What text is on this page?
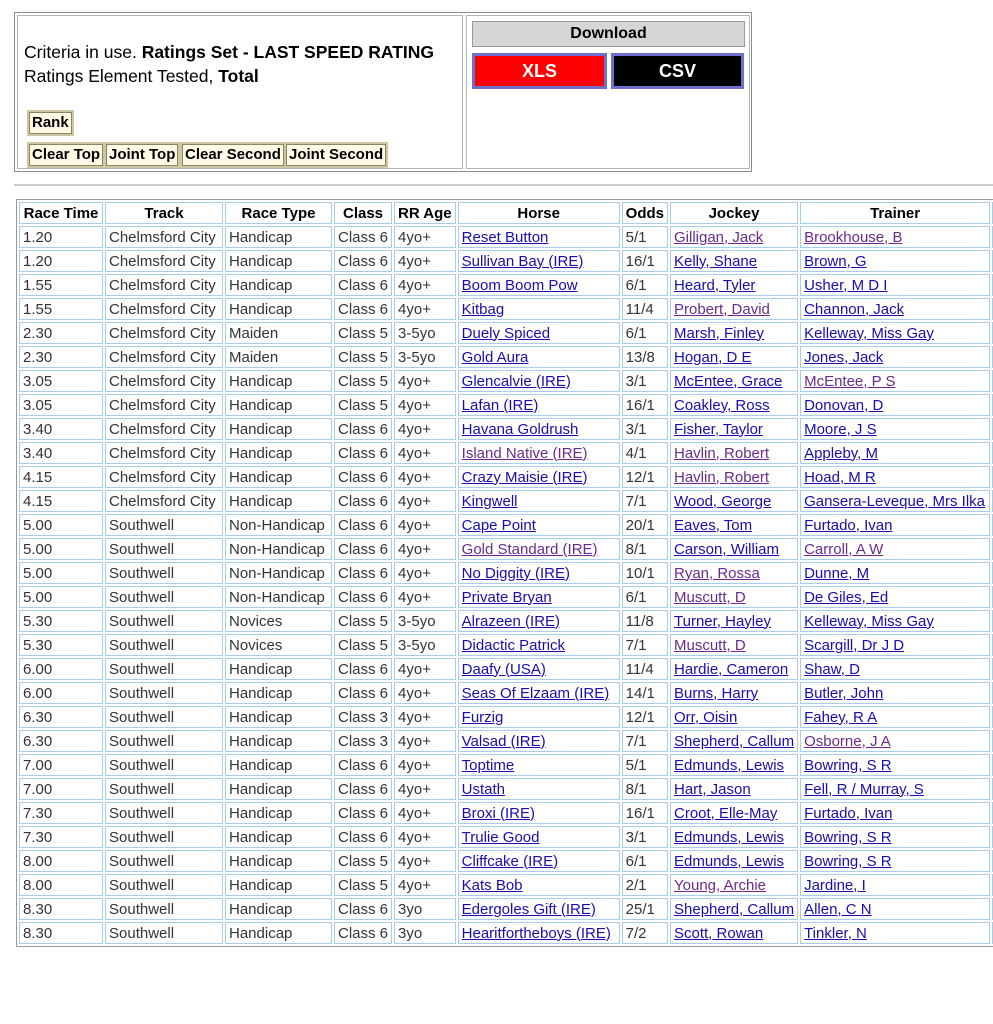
Criteria in use. Ratings Set - LAST SPEED RATING
Ratings Element Tested, Total
Rank
Clear Top Joint Top Clear Second Joint Second
Download
XLS	CSV
Race Time	Track	Race Type	Class	RR Age	Horse	Odds	Jockey	Trainer	
1.20	Chelmsford City	Handicap	Class 6	4yo+	Reset Button	5/1	Gilligan, Jack	Brookhouse, B	
1.20	Chelmsford City	Handicap	Class 6	4yo+	Sullivan Bay (IRE)	16/1	Kelly, Shane	Brown, G	
1.55	Chelmsford City	Handicap	Class 6	4yo+	Boom Boom Pow	6/1	Heard, Tyler	Usher, M D I	
1.55	Chelmsford City	Handicap	Class 6	4yo+	Kitbag	11/4	Probert, David	Channon, Jack	
2.30	Chelmsford City	Maiden	Class 5	3-5yo	Duely Spiced	6/1	Marsh, Finley	Kelleway, Miss Gay	
2.30	Chelmsford City	Maiden	Class 5	3-5yo	Gold Aura	13/8	Hogan, D E	Jones, Jack	
3.05	Chelmsford City	Handicap	Class 5	4yo+	Glencalvie (IRE)	3/1	McEntee, Grace	McEntee, P S	
3.05	Chelmsford City	Handicap	Class 5	4yo+	Lafan (IRE)	16/1	Coakley, Ross	Donovan, D	
3.40	Chelmsford City	Handicap	Class 6	4yo+	Havana Goldrush	3/1	Fisher, Taylor	Moore, J S	
3.40	Chelmsford City	Handicap	Class 6	4yo+	Island Native (IRE)	4/1	Havlin, Robert	Appleby, M	
4.15	Chelmsford City	Handicap	Class 6	4yo+	Crazy Maisie (IRE)	12/1	Havlin, Robert	Hoad, M R	
4.15	Chelmsford City	Handicap	Class 6	4yo+	Kingwell	7/1	Wood, George	Gansera-Leveque, Mrs Ilka	
5.00	Southwell	Non-Handicap	Class 6	4yo+	Cape Point	20/1	Eaves, Tom	Furtado, Ivan	
5.00	Southwell	Non-Handicap	Class 6	4yo+	Gold Standard (IRE)	8/1	Carson, William	Carroll, A W	
5.00	Southwell	Non-Handicap	Class 6	4yo+	No Diggity (IRE)	10/1	Ryan, Rossa	Dunne, M	
5.00	Southwell	Non-Handicap	Class 6	4yo+	Private Bryan	6/1	Muscutt, D	De Giles, Ed	
5.30	Southwell	Novices	Class 5	3-5yo	Alrazeen (IRE)	11/8	Turner, Hayley	Kelleway, Miss Gay	
5.30	Southwell	Novices	Class 5	3-5yo	Didactic Patrick	7/1	Muscutt, D	Scargill, Dr J D	
6.00	Southwell	Handicap	Class 6	4yo+	Daafy (USA)	11/4	Hardie, Cameron	Shaw, D	
6.00	Southwell	Handicap	Class 6	4yo+	Seas Of Elzaam (IRE)	14/1	Burns, Harry	Butler, John	
6.30	Southwell	Handicap	Class 3	4yo+	Furzig	12/1	Orr, Oisin	Fahey, R A	
6.30	Southwell	Handicap	Class 3	4yo+	Valsad (IRE)	7/1	Shepherd, Callum	Osborne, J A	
7.00	Southwell	Handicap	Class 6	4yo+	Toptime	5/1	Edmunds, Lewis	Bowring, S R	
7.00	Southwell	Handicap	Class 6	4yo+	Ustath	8/1	Hart, Jason	Fell, R / Murray, S	
7.30	Southwell	Handicap	Class 6	4yo+	Broxi (IRE)	16/1	Croot, Elle-May	Furtado, Ivan	
7.30	Southwell	Handicap	Class 6	4yo+	Trulie Good	3/1	Edmunds, Lewis	Bowring, S R	
8.00	Southwell	Handicap	Class 5	4yo+	Cliffcake (IRE)	6/1	Edmunds, Lewis	Bowring, S R	
8.00	Southwell	Handicap	Class 5	4yo+	Kats Bob	2/1	Young, Archie	Jardine, I	
8.30	Southwell	Handicap	Class 6	3yo	Edergoles Gift (IRE)	25/1	Shepherd, Callum	Allen, C N	
8.30	Southwell	Handicap	Class 6	3yo	Hearitfortheboys (IRE)	7/2	Scott, Rowan	Tinkler, N	
